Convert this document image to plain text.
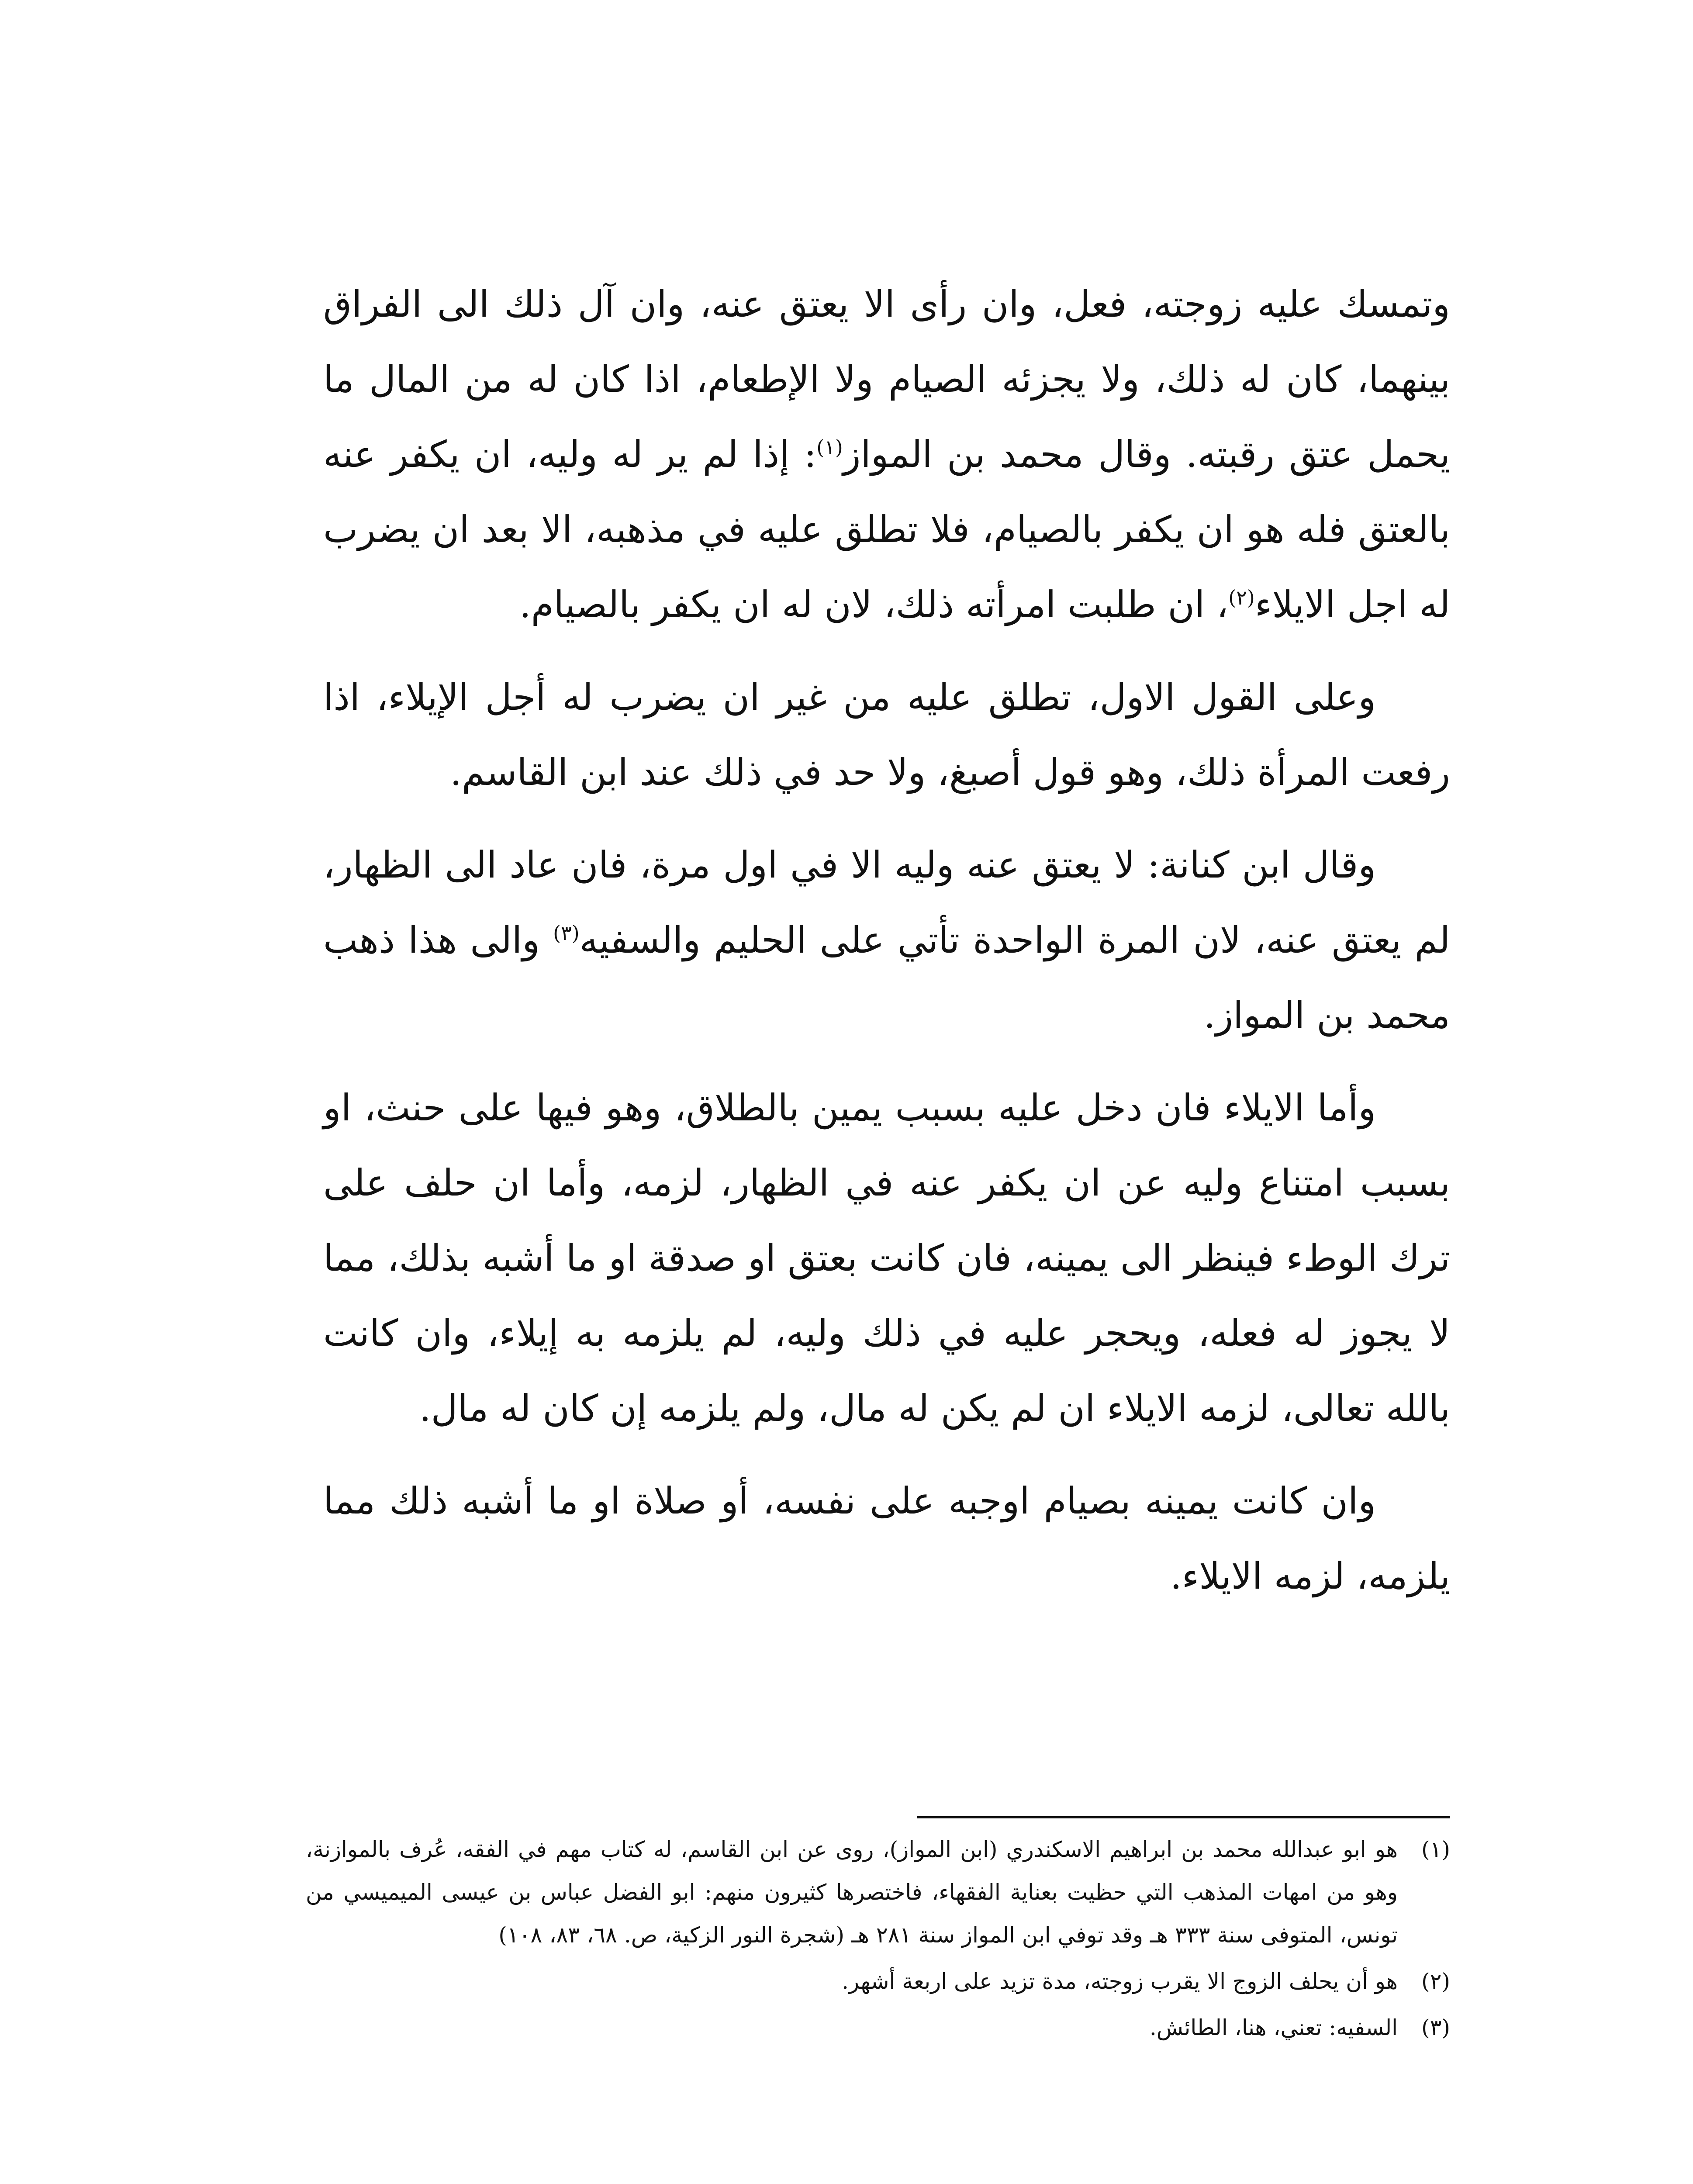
وتمسك عليه زوجته، فعل، وان رأى الا يعتق عنه، وان آل ذلك الى الفراق بينهما، كان له ذلك، ولا يجزئه الصيام ولا الإطعام، اذا كان له من المال ما يحمل عتق رقبته. وقال محمد بن المواز$^{(١)}$: إذا لم ير له وليه، ان يكفر عنه بالعتق فله هو ان يكفر بالصيام، فلا تطلق عليه في مذهبه، الا بعد ان يضرب له اجل الايلاء$^{(٢)}$، ان طلبت امرأته ذلك، لان له ان يكفر بالصيام.

وعلى القول الاول، تطلق عليه من غير ان يضرب له أجل الإيلاء، اذا رفعت المرأة ذلك، وهو قول أصبغ، ولا حد في ذلك عند ابن القاسم.

وقال ابن كنانة: لا يعتق عنه وليه الا في اول مرة، فان عاد الى الظهار، لم يعتق عنه، لان المرة الواحدة تأتي على الحليم والسفيه$^{(٣)}$ والى هذا ذهب محمد بن المواز.

وأما الايلاء فان دخل عليه بسبب يمين بالطلاق، وهو فيها على حنث، او بسبب امتناع وليه عن ان يكفر عنه في الظهار، لزمه، وأما ان حلف على ترك الوطء فينظر الى يمينه، فان كانت بعتق او صدقة او ما أشبه بذلك، مما لا يجوز له فعله، ويحجر عليه في ذلك وليه، لم يلزمه به إيلاء، وان كانت بالله تعالى، لزمه الايلاء ان لم يكن له مال، ولم يلزمه إن كان له مال.

وان كانت يمينه بصيام اوجبه على نفسه، أو صلاة او ما أشبه ذلك مما يلزمه، لزمه الايلاء.

(١)
هو ابو عبدالله محمد بن ابراهيم الاسكندري (ابن المواز)، روى عن ابن القاسم، له كتاب مهم في الفقه، عُرف بالموازنة، وهو من امهات المذهب التي حظيت بعناية الفقهاء، فاختصرها كثيرون منهم: ابو الفضل عباس بن عيسى الميميسي من تونس، المتوفى سنة ٣٣٣ هـ وقد توفي ابن المواز سنة ٢٨١ هـ (شجرة النور الزكية، ص. ٦٨، ٨٣، ١٠٨)
(٢)
هو أن يحلف الزوج الا يقرب زوجته، مدة تزيد على اربعة أشهر.
(٣)
السفيه: تعني، هنا، الطائش.
